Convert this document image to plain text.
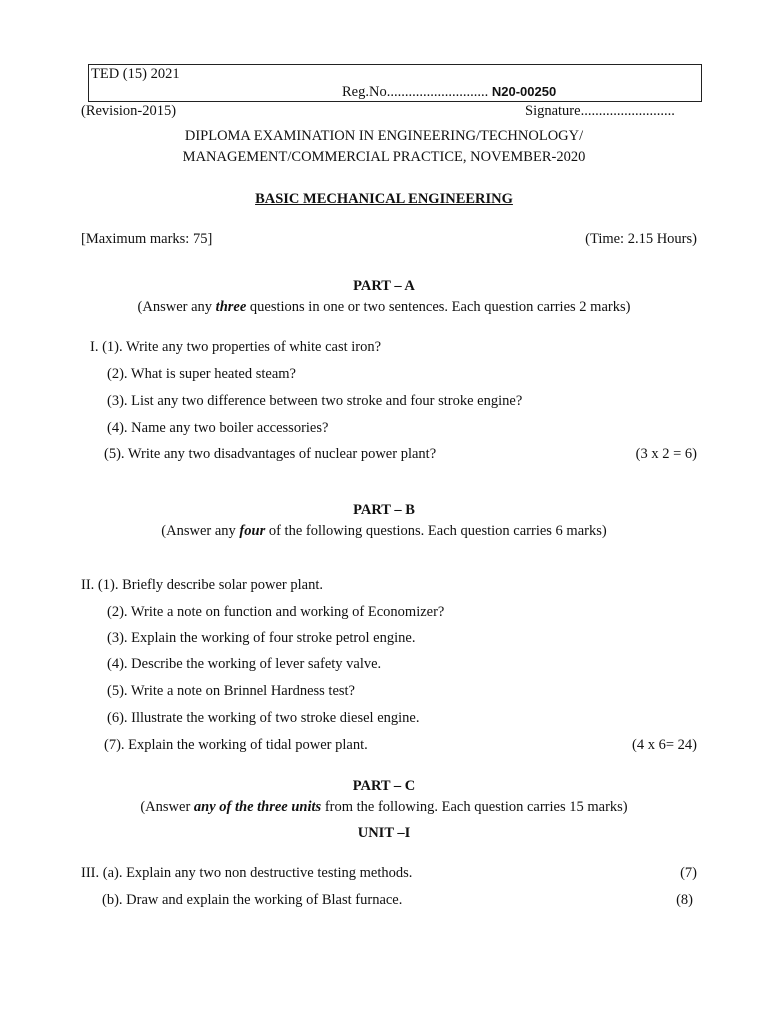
TED (15) 2021
Reg.No............................ N20-00250
(Revision-2015)	Signature..........................
DIPLOMA EXAMINATION IN ENGINEERING/TECHNOLOGY/
MANAGEMENT/COMMERCIAL PRACTICE, NOVEMBER-2020
BASIC MECHANICAL ENGINEERING
[Maximum marks: 75]	(Time: 2.15 Hours)
PART – A
(Answer any three questions in one or two sentences. Each question carries 2 marks)
I. (1). Write any two properties of white cast iron?
(2). What is super heated steam?
(3). List any two difference between two stroke and four stroke engine?
(4). Name any two boiler accessories?
(5). Write any two disadvantages of nuclear power plant?	(3 x 2 = 6)
PART – B
(Answer any four of the following questions. Each question carries 6 marks)
II. (1). Briefly describe solar power plant.
(2). Write a note on function and working of Economizer?
(3). Explain the working of four stroke petrol engine.
(4). Describe the working of lever safety valve.
(5). Write a note on Brinnel Hardness test?
(6). Illustrate the working of two stroke diesel engine.
(7). Explain the working of tidal power plant.	(4 x 6= 24)
PART – C
(Answer any of the three units from the following. Each question carries 15 marks)
UNIT –I
III. (a). Explain any two non destructive testing methods.	(7)
(b). Draw and explain the working of Blast furnace.	(8)
